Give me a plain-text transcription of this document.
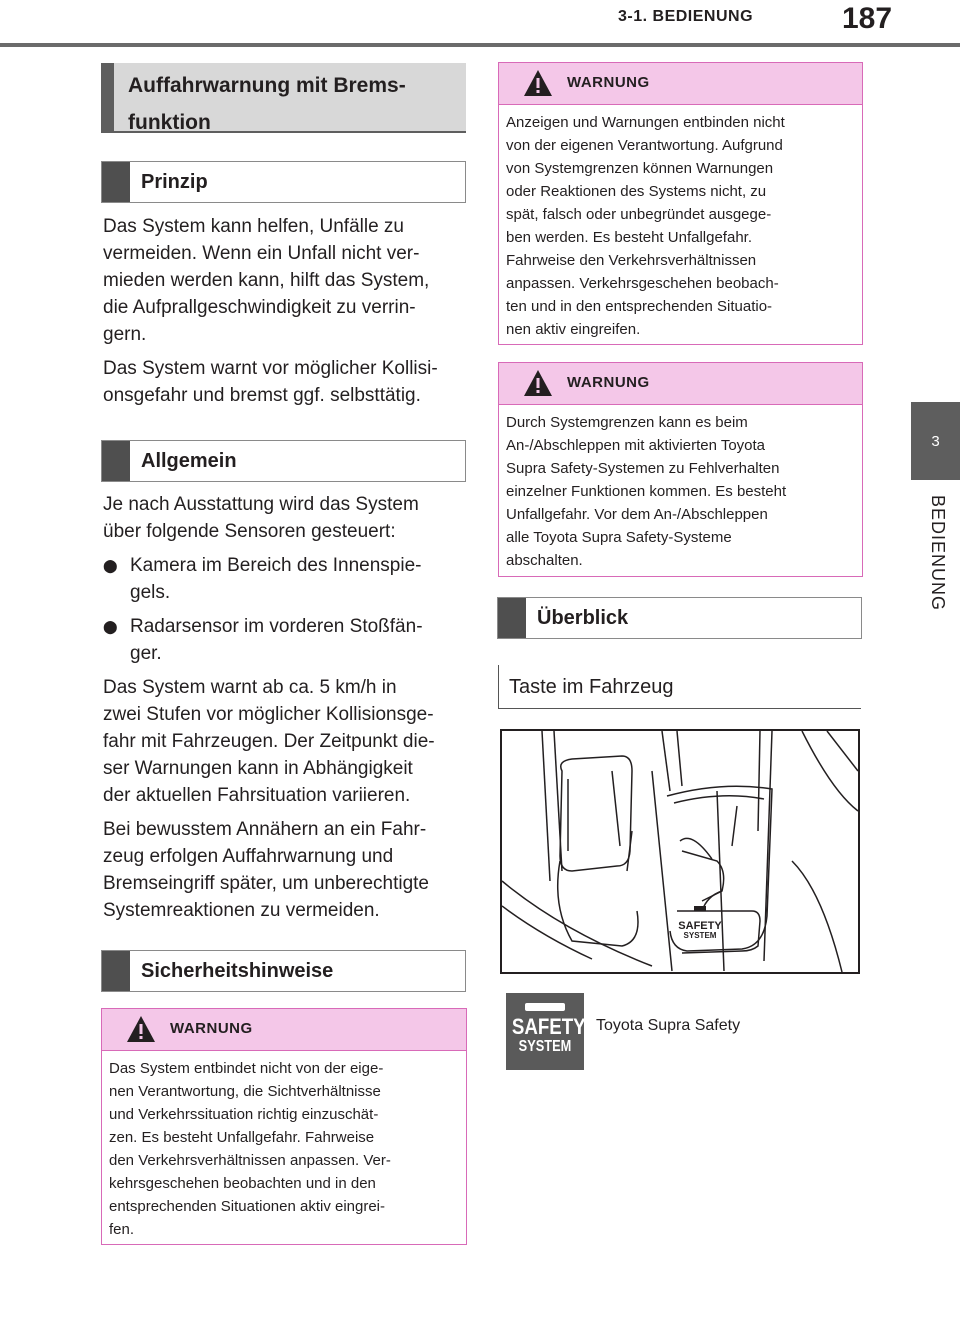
3-1. BEDIENUNG	187
3
BEDIENUNG
Auffahrwarnung mit Brems-
funktion
Prinzip

Das System kann helfen, Unfälle zu
vermeiden. Wenn ein Unfall nicht ver-
mieden werden kann, hilft das System,
die Aufprallgeschwindigkeit zu verrin-
gern.

Das System warnt vor möglicher Kollisi-
onsgefahr und bremst ggf. selbsttätig.

Allgemein

Je nach Ausstattung wird das System
über folgende Sensoren gesteuert:

⬤ Kamera im Bereich des Innenspie-
gels.
⬤ Radarsensor im vorderen Stoßfän-
ger.

Das System warnt ab ca. 5 km/h in
zwei Stufen vor möglicher Kollisionsge-
fahr mit Fahrzeugen. Der Zeitpunkt die-
ser Warnungen kann in Abhängigkeit
der aktuellen Fahrsituation variieren.

Bei bewusstem Annähern an ein Fahr-
zeug erfolgen Auffahrwarnung und
Bremseingriff später, um unberechtigte
Systemreaktionen zu vermeiden.

Sicherheitshinweise
WARNUNG
Das System entbindet nicht von der eige-
nen Verantwortung, die Sichtverhältnisse
und Verkehrssituation richtig einzuschät-
zen. Es besteht Unfallgefahr. Fahrweise
den Verkehrsverhältnissen anpassen. Ver-
kehrsgeschehen beobachten und in den
entsprechenden Situationen aktiv eingrei-
fen.
WARNUNG
Anzeigen und Warnungen entbinden nicht
von der eigenen Verantwortung. Aufgrund
von Systemgrenzen können Warnungen
oder Reaktionen des Systems nicht, zu
spät, falsch oder unbegründet ausgege-
ben werden. Es besteht Unfallgefahr.
Fahrweise den Verkehrsverhältnissen
anpassen. Verkehrsgeschehen beobach-
ten und in den entsprechenden Situatio-
nen aktiv eingreifen.
WARNUNG
Durch Systemgrenzen kann es beim
An-/Abschleppen mit aktivierten Toyota
Supra Safety-Systemen zu Fehlverhalten
einzelner Funktionen kommen. Es besteht
Unfallgefahr. Vor dem An-/Abschleppen
alle Toyota Supra Safety-Systeme
abschalten.
Überblick
Taste im Fahrzeug
SAFETY
SYSTEM
SAFETY
SYSTEM
Toyota Supra Safety
